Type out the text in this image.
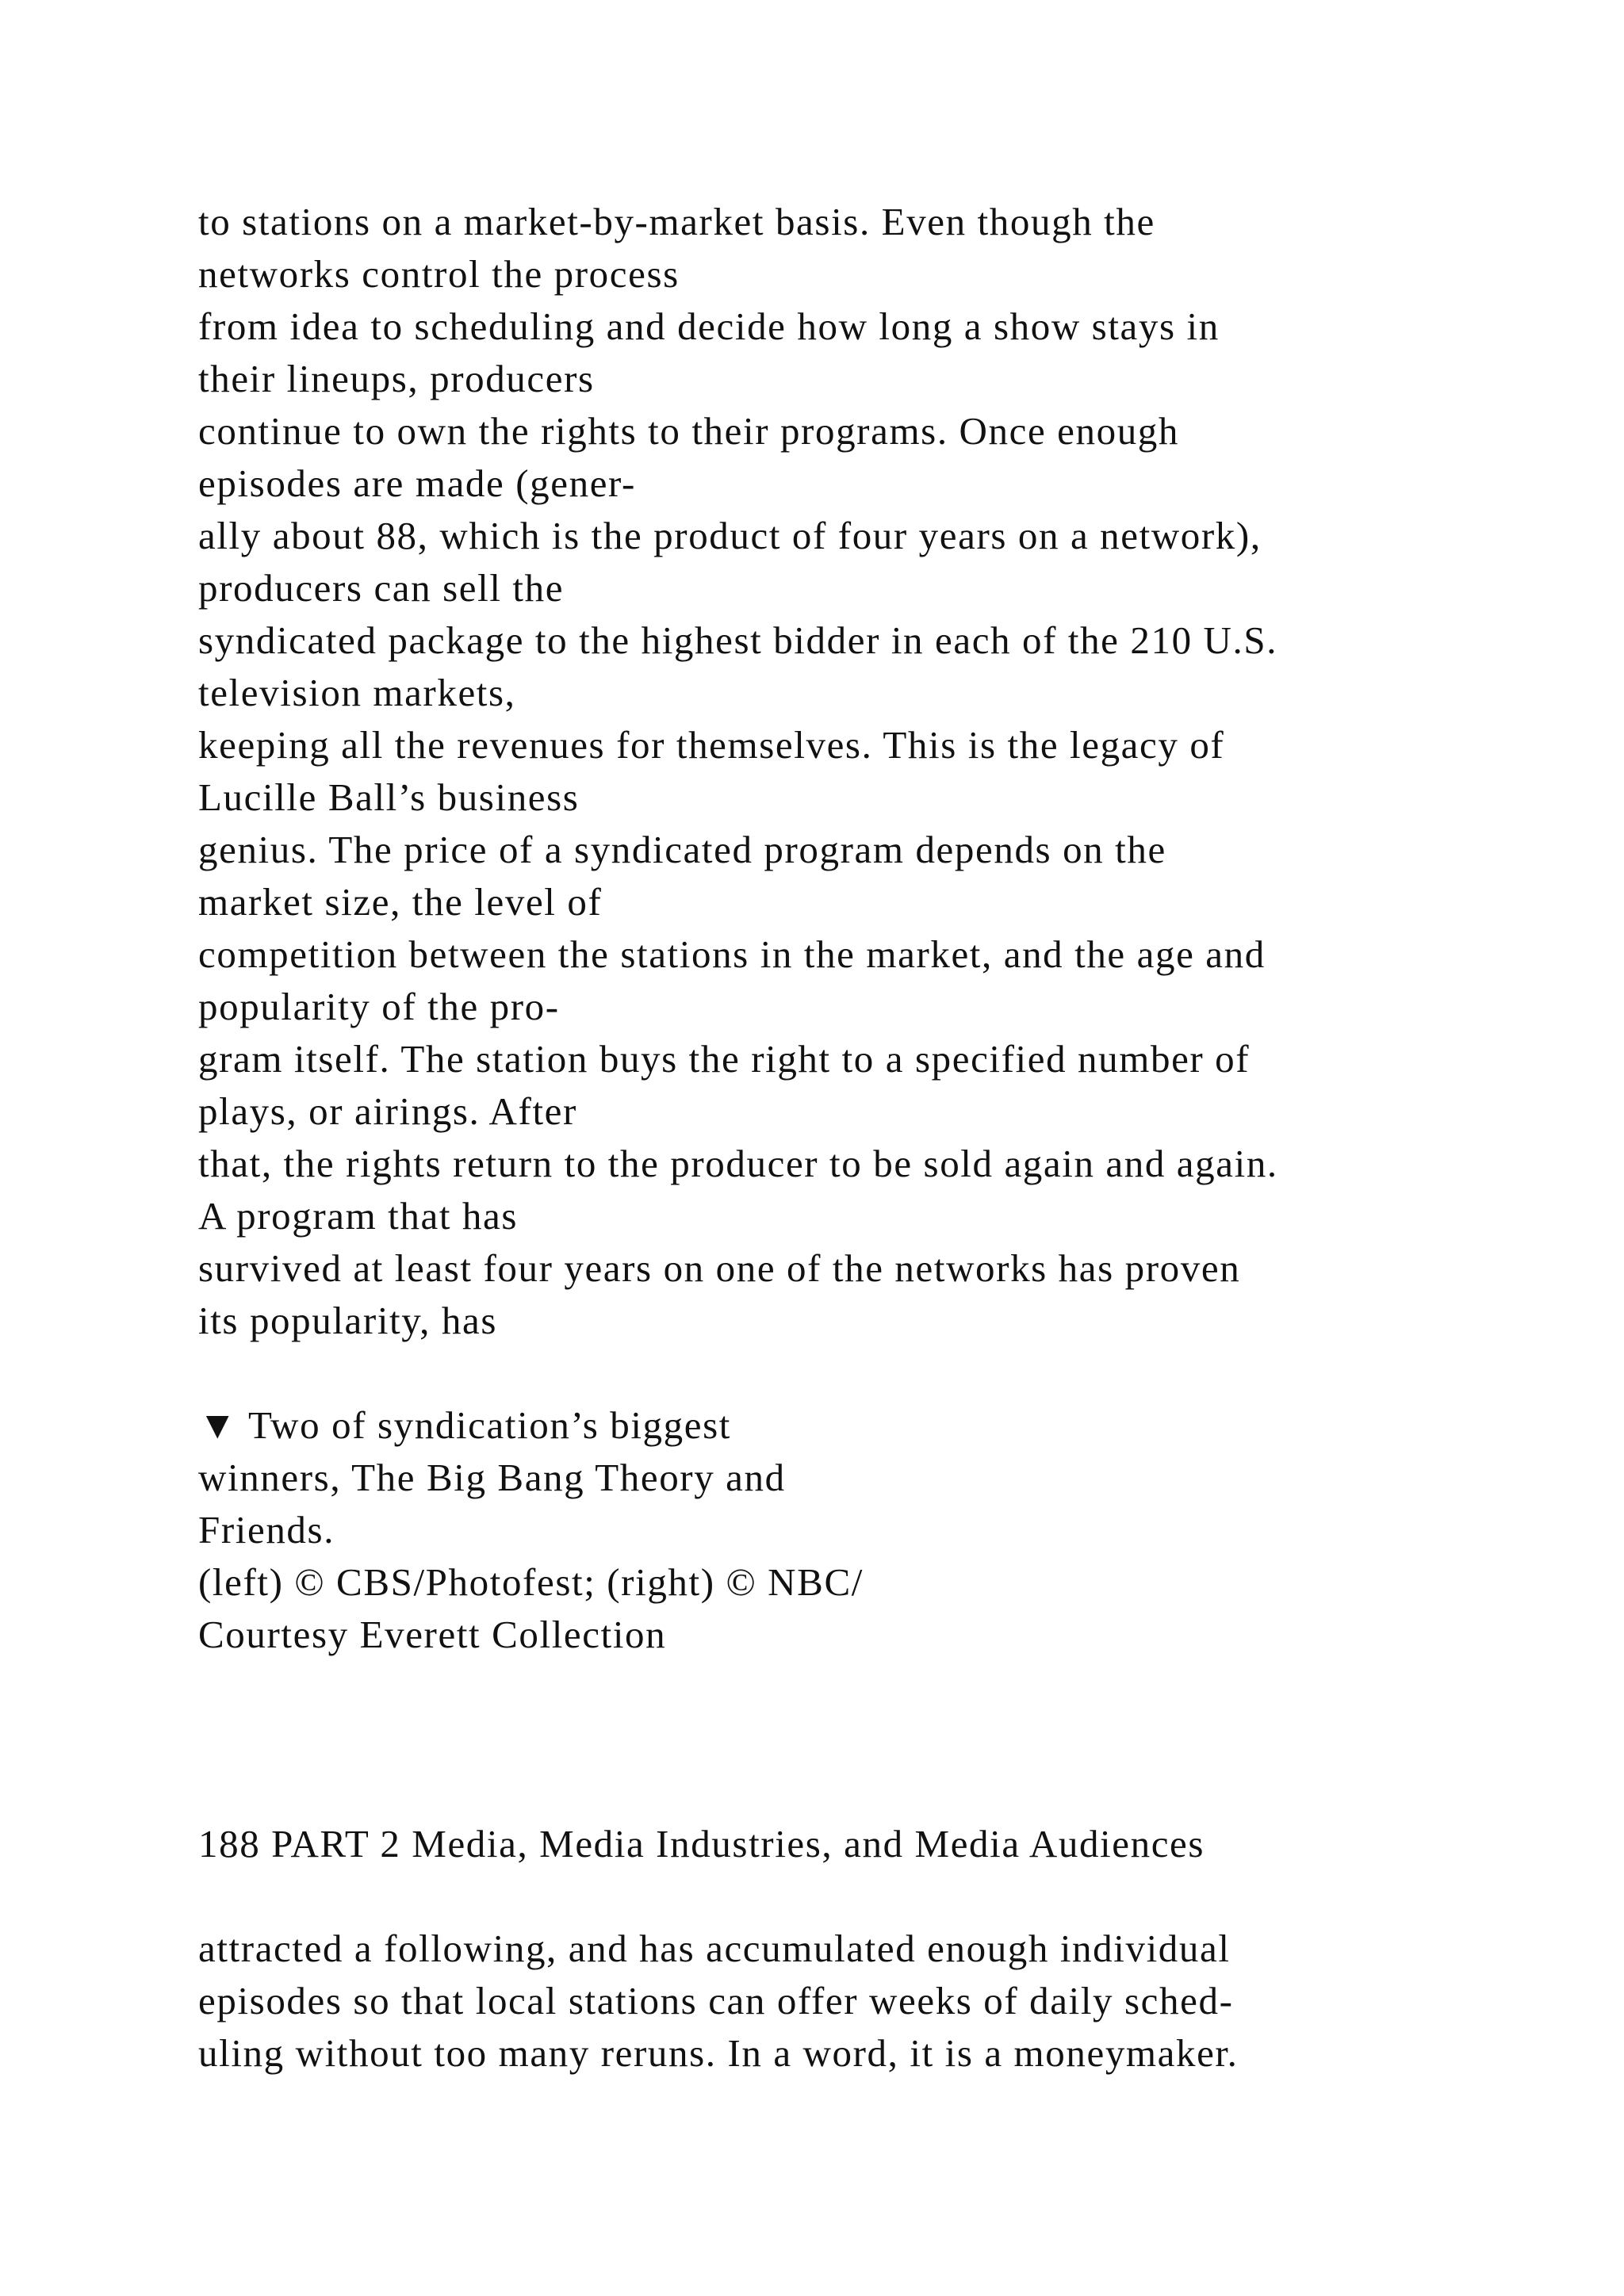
to stations on a market-by-market basis. Even though the
networks control the process
from idea to scheduling and decide how long a show stays in
their lineups, producers
continue to own the rights to their programs. Once enough
episodes are made (gener-
ally about 88, which is the product of four years on a network),
producers can sell the
syndicated package to the highest bidder in each of the 210 U.S.
television markets,
keeping all the revenues for themselves. This is the legacy of
Lucille Ball’s business
genius. The price of a syndicated program depends on the
market size, the level of
competition between the stations in the market, and the age and
popularity of the pro-
gram itself. The station buys the right to a specified number of
plays, or airings. After
that, the rights return to the producer to be sold again and again.
A program that has
survived at least four years on one of the networks has proven
its popularity, has
▼ Two of syndication’s biggest
winners, The Big Bang Theory and
Friends.
(left) © CBS/Photofest; (right) © NBC/
Courtesy Everett Collection
188 PART 2 Media, Media Industries, and Media Audiences
attracted a following, and has accumulated enough individual
episodes so that local stations can offer weeks of daily sched-
uling without too many reruns. In a word, it is a moneymaker.
